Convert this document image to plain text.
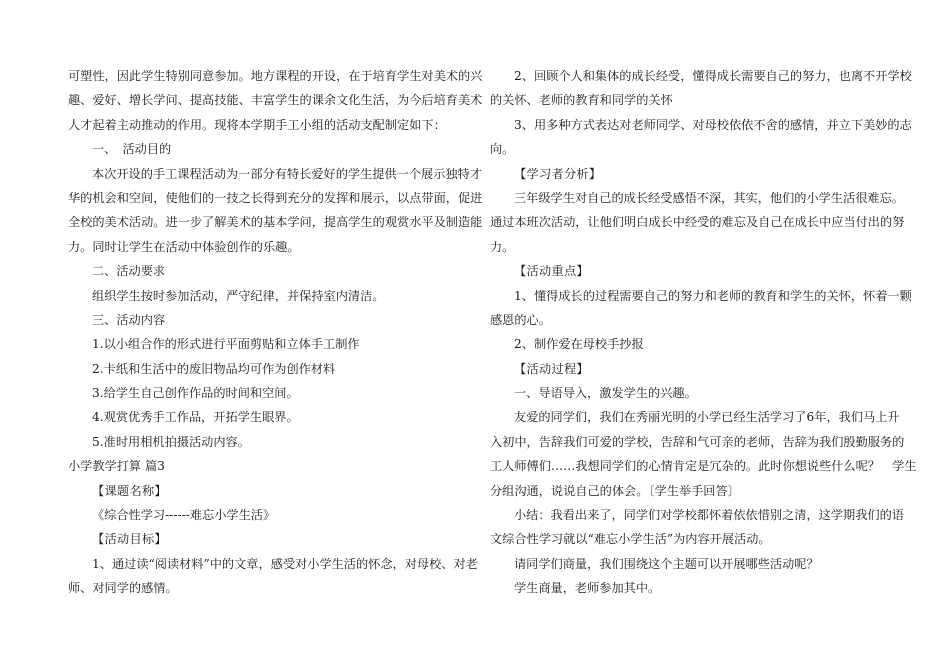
可塑性，因此学生特别同意参加。地方课程的开设，在于培育学生对美术的兴
趣、爱好、增长学问、提高技能、丰富学生的课余文化生活，为今后培育美术
人才起着主动推动的作用。现将本学期手工小组的活动支配制定如下：
一、　活动目的
本次开设的手工课程活动为一部分有特长爱好的学生提供一个展示独特才
华的机会和空间，使他们的一技之长得到充分的发挥和展示，以点带面，促进
全校的美术活动。进一步了解美术的基本学问，提高学生的观赏水平及制造能
力。同时让学生在活动中体验创作的乐趣。
二、活动要求
组织学生按时参加活动，严守纪律，并保持室内清洁。
三、活动内容
1.以小组合作的形式进行平面剪贴和立体手工制作
2.卡纸和生活中的废旧物品均可作为创作材料
3.给学生自己创作作品的时间和空间。
4.观赏优秀手工作品，开拓学生眼界。
5.准时用相机拍摄活动内容。
小学教学打算 篇3
【课题名称】
《综合性学习------难忘小学生活》
【活动目标】
1、通过读“阅读材料”中的文章，感受对小学生活的怀念，对母校、对老
师、对同学的感情。
2、回顾个人和集体的成长经受，懂得成长需要自己的努力，也离不开学校
的关怀、老师的教育和同学的关怀
3、用多种方式表达对老师同学、对母校依依不舍的感情，并立下美妙的志
向。
【学习者分析】
三年级学生对自己的成长经受感悟不深，其实，他们的小学生活很难忘。
通过本班次活动，让他们明白成长中经受的难忘及自己在成长中应当付出的努
力。
【活动重点】
1、懂得成长的过程需要自己的努力和老师的教育和学生的关怀，怀着一颗
感恩的心。
2、制作爱在母校手抄报
【活动过程】
一、导语导入，激发学生的兴趣。
友爱的同学们，我们在秀丽光明的小学已经生活学习了6年，我们马上升
入初中，告辞我们可爱的学校，告辞和气可亲的老师，告辞为我们殷勤服务的
工人师傅们……我想同学们的心情肯定是冗杂的。此时你想说些什么呢？　学生
分组沟通，说说自己的体会。〔学生举手回答〕
小结：我看出来了，同学们对学校都怀着依依惜别之清，这学期我们的语
文综合性学习就以“难忘小学生活”为内容开展活动。
请同学们商量，我们围绕这个主题可以开展哪些活动呢？
学生商量，老师参加其中。
